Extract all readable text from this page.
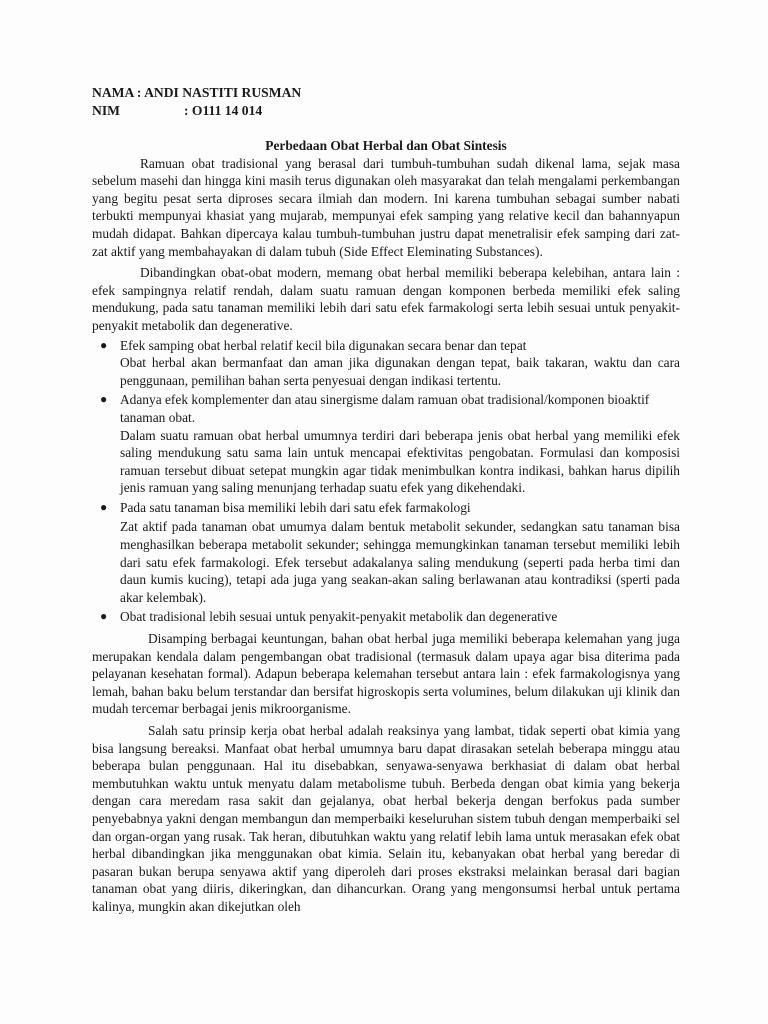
NAMA : ANDI NASTITI RUSMAN
NIM	: O111 14 014
Perbedaan Obat Herbal dan Obat Sintesis

Ramuan obat tradisional yang berasal dari tumbuh-tumbuhan sudah dikenal lama, sejak masa sebelum masehi dan hingga kini masih terus digunakan oleh masyarakat dan telah mengalami perkembangan yang begitu pesat serta diproses secara ilmiah dan modern. Ini karena tumbuhan sebagai sumber nabati terbukti mempunyai khasiat yang mujarab, mempunyai efek samping yang relative kecil dan bahannyapun mudah didapat. Bahkan dipercaya kalau tumbuh-tumbuhan justru dapat menetralisir efek samping dari zat-zat aktif yang membahayakan di dalam tubuh (Side Effect Eleminating Substances).

Dibandingkan obat-obat modern, memang obat herbal memiliki beberapa kelebihan, antara lain : efek sampingnya relatif rendah, dalam suatu ramuan dengan komponen berbeda memiliki efek saling mendukung, pada satu tanaman memiliki lebih dari satu efek farmakologi serta lebih sesuai untuk penyakit-penyakit metabolik dan degenerative.

● Efek samping obat herbal relatif kecil bila digunakan secara benar dan tepat
Obat herbal akan bermanfaat dan aman jika digunakan dengan tepat, baik takaran, waktu dan cara penggunaan, pemilihan bahan serta penyesuai dengan indikasi tertentu.
● Adanya efek komplementer dan atau sinergisme dalam ramuan obat tradisional/komponen bioaktif tanaman obat.
Dalam suatu ramuan obat herbal umumnya terdiri dari beberapa jenis obat herbal yang memiliki efek saling mendukung satu sama lain untuk mencapai efektivitas pengobatan. Formulasi dan komposisi ramuan tersebut dibuat setepat mungkin agar tidak menimbulkan kontra indikasi, bahkan harus dipilih jenis ramuan yang saling menunjang terhadap suatu efek yang dikehendaki.
● Pada satu tanaman bisa memiliki lebih dari satu efek farmakologi
Zat aktif pada tanaman obat umumya dalam bentuk metabolit sekunder, sedangkan satu tanaman bisa menghasilkan beberapa metabolit sekunder; sehingga memungkinkan tanaman tersebut memiliki lebih dari satu efek farmakologi. Efek tersebut adakalanya saling mendukung (seperti pada herba timi dan daun kumis kucing), tetapi ada juga yang seakan-akan saling berlawanan atau kontradiksi (sperti pada akar kelembak).
● Obat tradisional lebih sesuai untuk penyakit-penyakit metabolik dan degenerative

Disamping berbagai keuntungan, bahan obat herbal juga memiliki beberapa kelemahan yang juga merupakan kendala dalam pengembangan obat tradisional (termasuk dalam upaya agar bisa diterima pada pelayanan kesehatan formal). Adapun beberapa kelemahan tersebut antara lain : efek farmakologisnya yang lemah, bahan baku belum terstandar dan bersifat higroskopis serta volumines, belum dilakukan uji klinik dan mudah tercemar berbagai jenis mikroorganisme.

Salah satu prinsip kerja obat herbal adalah reaksinya yang lambat, tidak seperti obat kimia yang bisa langsung bereaksi. Manfaat obat herbal umumnya baru dapat dirasakan setelah beberapa minggu atau beberapa bulan penggunaan. Hal itu disebabkan, senyawa-senyawa berkhasiat di dalam obat herbal membutuhkan waktu untuk menyatu dalam metabolisme tubuh. Berbeda dengan obat kimia yang bekerja dengan cara meredam rasa sakit dan gejalanya, obat herbal bekerja dengan berfokus pada sumber penyebabnya yakni dengan membangun dan memperbaiki keseluruhan sistem tubuh dengan memperbaiki sel dan organ-organ yang rusak. Tak heran, dibutuhkan waktu yang relatif lebih lama untuk merasakan efek obat herbal dibandingkan jika menggunakan obat kimia. Selain itu, kebanyakan obat herbal yang beredar di pasaran bukan berupa senyawa aktif yang diperoleh dari proses ekstraksi melainkan berasal dari bagian tanaman obat yang diiris, dikeringkan, dan dihancurkan. Orang yang mengonsumsi herbal untuk pertama kalinya, mungkin akan dikejutkan oleh
